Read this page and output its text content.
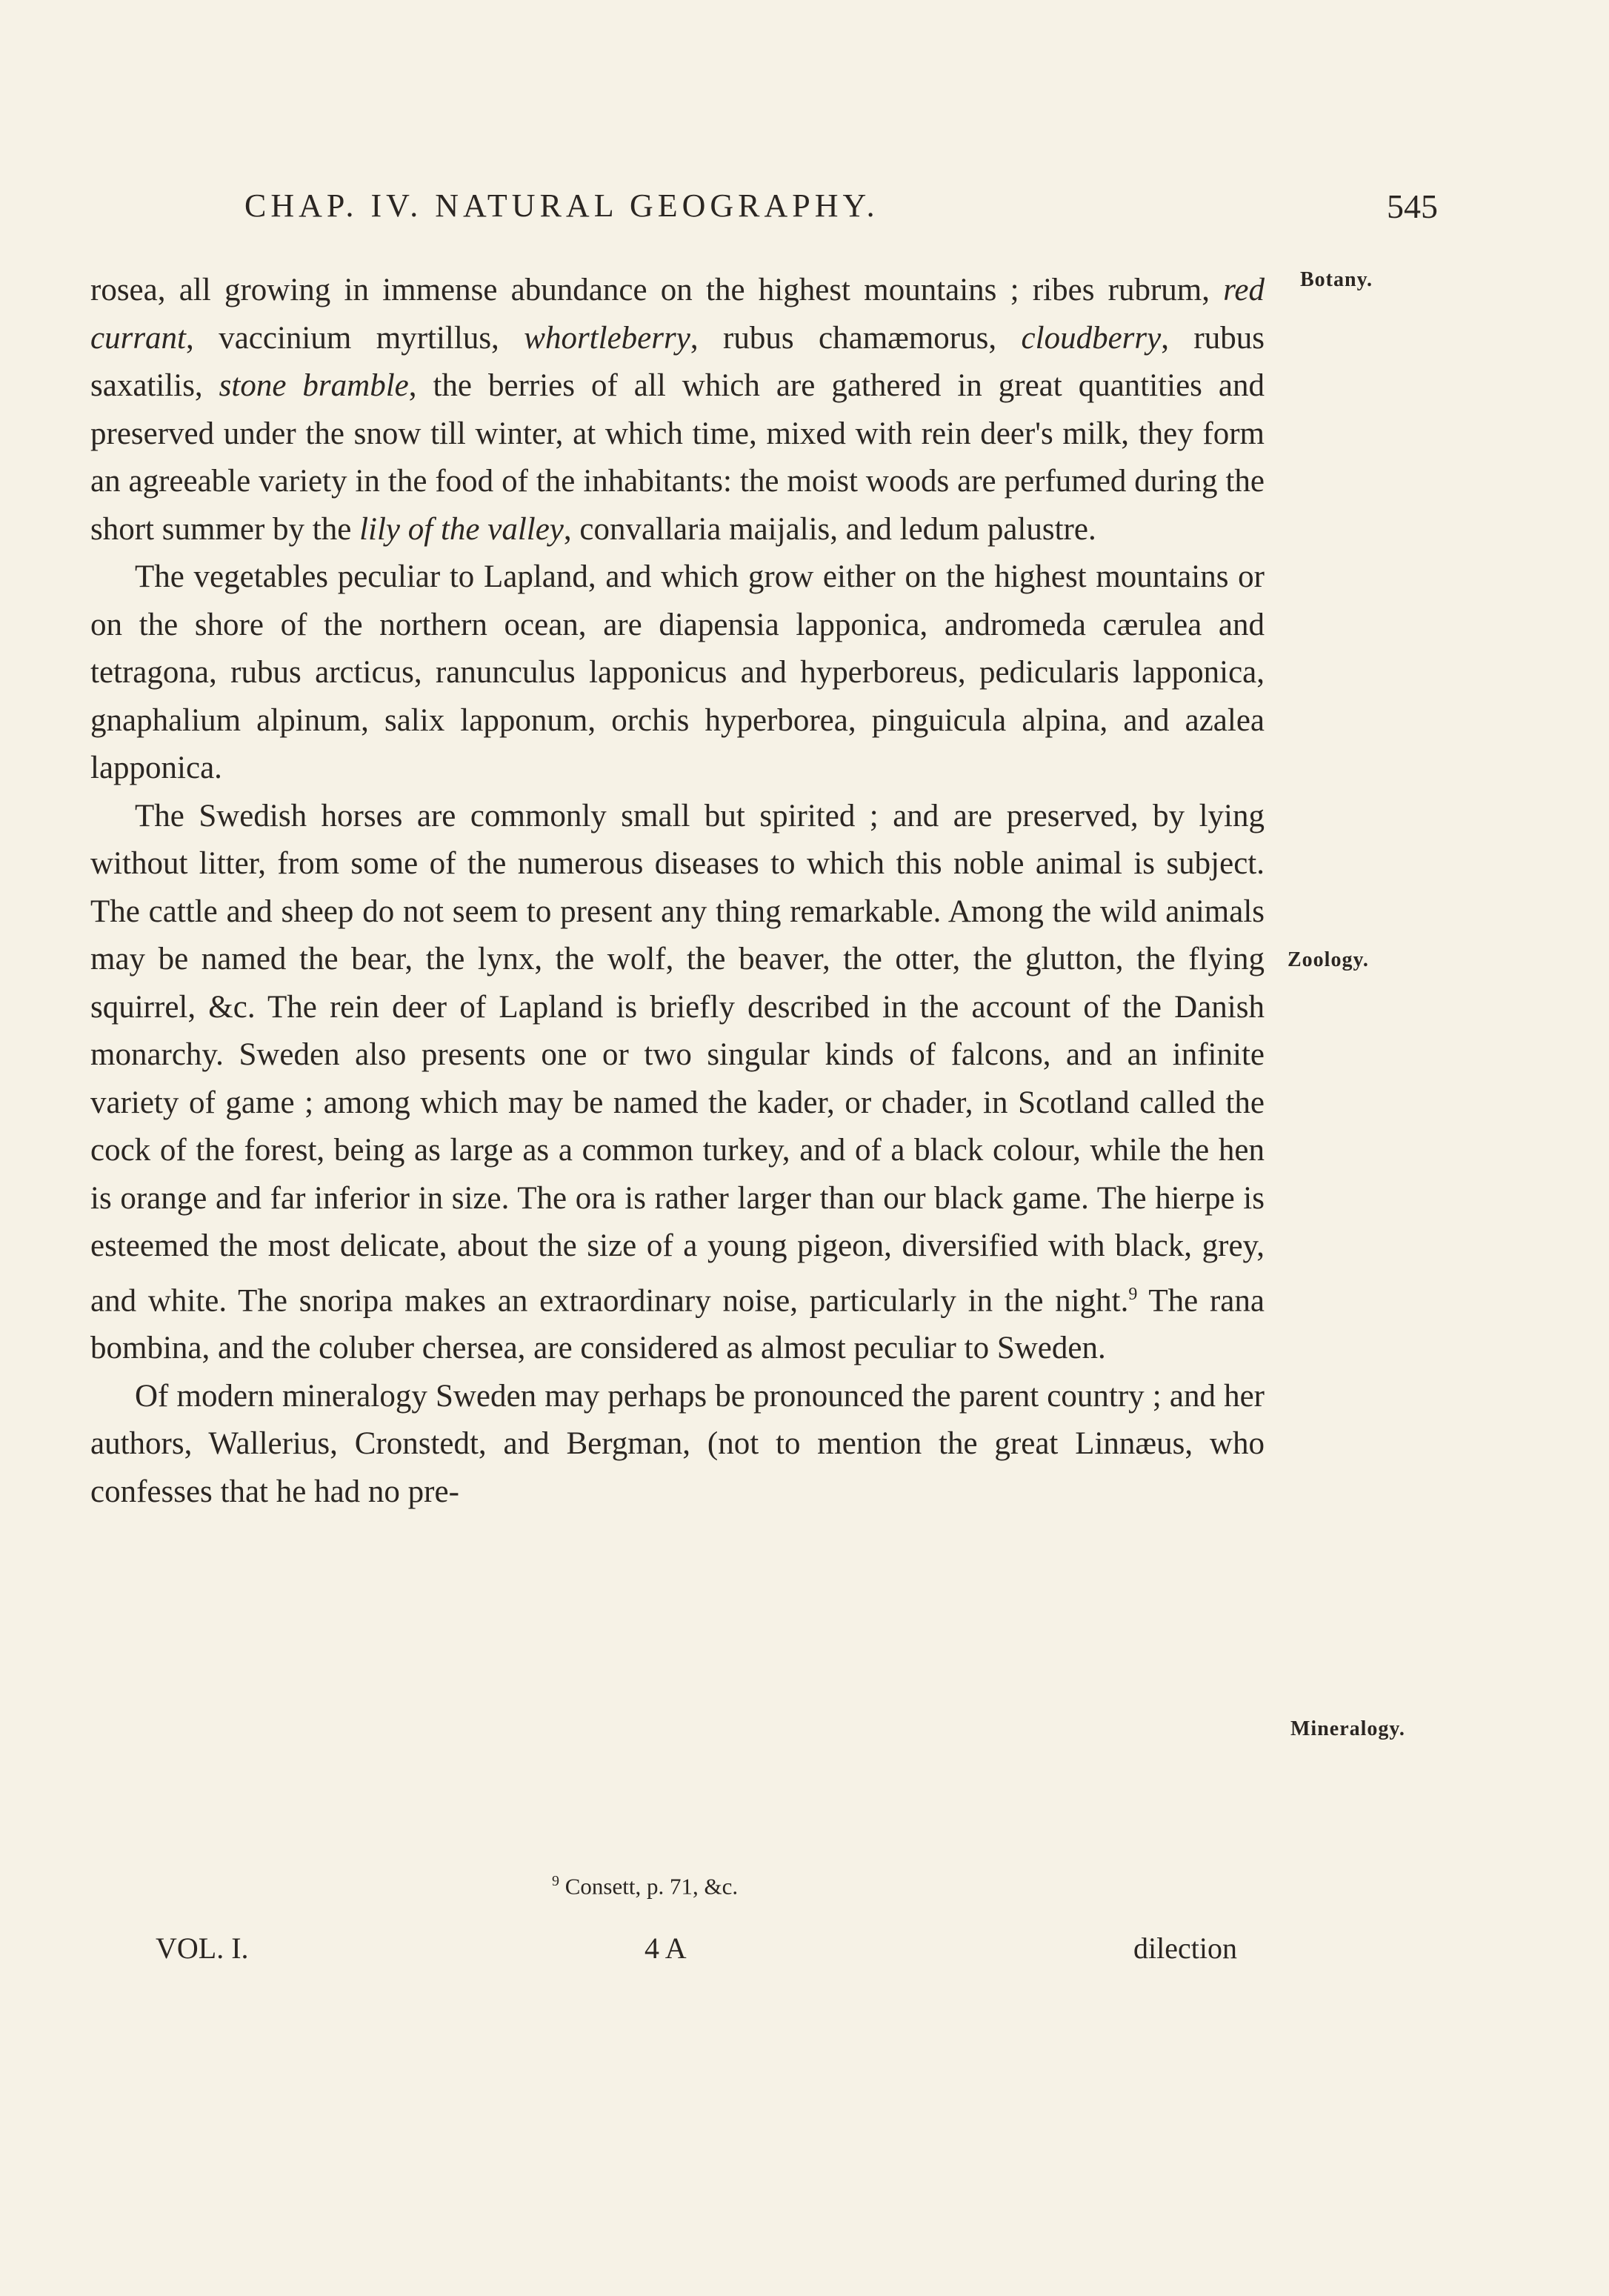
CHAP. IV. NATURAL GEOGRAPHY.	545
Botany.
Zoology.
Mineralogy.

rosea, all growing in immense abundance on the highest mountains ; ribes rubrum, red currant, vaccinium myrtillus, whortleberry, rubus chamæmorus, cloudberry, rubus saxatilis, stone bramble, the berries of all which are gathered in great quantities and preserved under the snow till winter, at which time, mixed with rein deer's milk, they form an agreeable variety in the food of the inhabitants: the moist woods are perfumed during the short summer by the lily of the valley, convallaria maijalis, and ledum palustre.

The vegetables peculiar to Lapland, and which grow either on the highest mountains or on the shore of the northern ocean, are diapensia lapponica, andromeda cærulea and tetragona, rubus arcticus, ranunculus lapponicus and hyperboreus, pedicularis lapponica, gnaphalium alpinum, salix lapponum, orchis hyperborea, pinguicula alpina, and azalea lapponica.

The Swedish horses are commonly small but spirited ; and are preserved, by lying without litter, from some of the numerous diseases to which this noble animal is subject. The cattle and sheep do not seem to present any thing remarkable. Among the wild animals may be named the bear, the lynx, the wolf, the beaver, the otter, the glutton, the flying squirrel, &c. The rein deer of Lapland is briefly described in the account of the Danish monarchy. Sweden also presents one or two singular kinds of falcons, and an infinite variety of game ; among which may be named the kader, or chader, in Scotland called the cock of the forest, being as large as a common turkey, and of a black colour, while the hen is orange and far inferior in size. The ora is rather larger than our black game. The hierpe is esteemed the most delicate, about the size of a young pigeon, diversified with black, grey, and white. The snoripa makes an extraordinary noise, particularly in the night.$^9$ The rana bombina, and the coluber chersea, are considered as almost peculiar to Sweden.

Of modern mineralogy Sweden may perhaps be pronounced the parent country ; and her authors, Wallerius, Cronstedt, and Bergman, (not to mention the great Linnæus, who confesses that he had no pre-

$^9$ Consett, p. 71, &c.
VOL. I.	4 A	dilection
